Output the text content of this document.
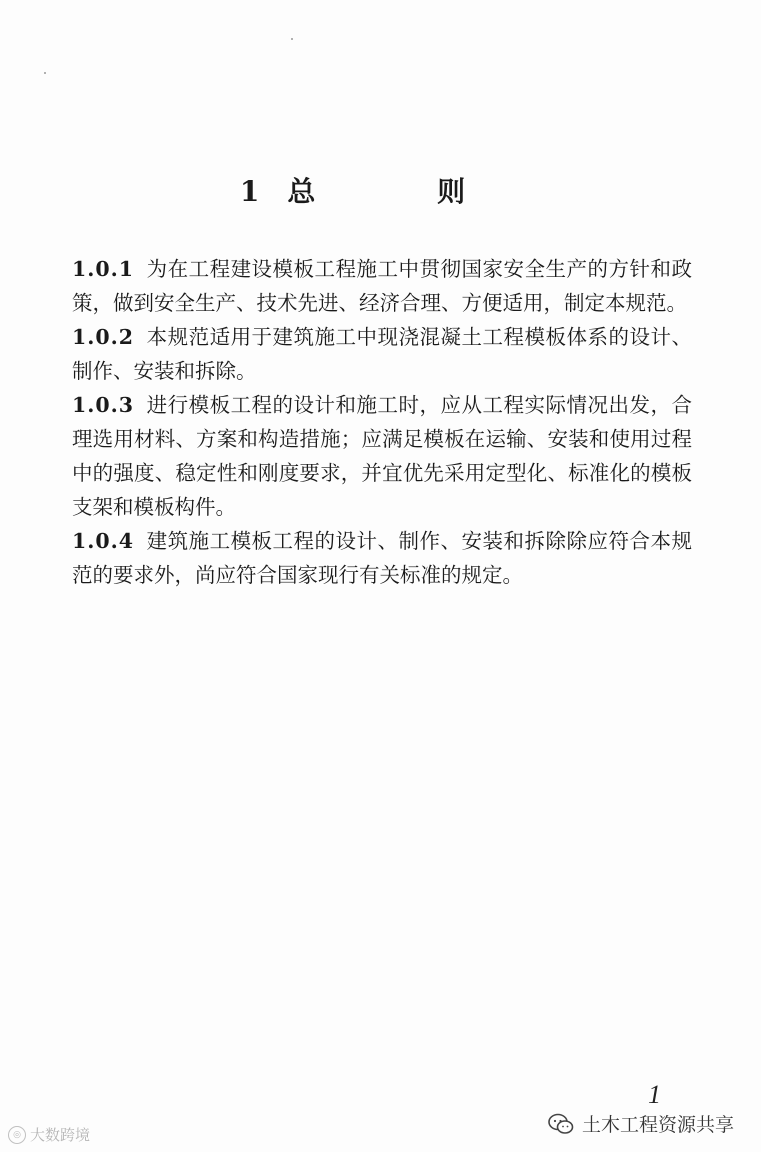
1 总 则

1.0.1 为在工程建设模板工程施工中贯彻国家安全生产的方针和政策，做到安全生产、技术先进、经济合理、方便适用，制定本规范。

1.0.2 本规范适用于建筑施工中现浇混凝土工程模板体系的设计、制作、安装和拆除。

1.0.3 进行模板工程的设计和施工时，应从工程实际情况出发，合理选用材料、方案和构造措施；应满足模板在运输、安装和使用过程中的强度、稳定性和刚度要求，并宜优先采用定型化、标准化的模板支架和模板构件。

1.0.4 建筑施工模板工程的设计、制作、安装和拆除除应符合本规范的要求外，尚应符合国家现行有关标准的规定。

1
◎ 大数跨境	土木工程资源共享
